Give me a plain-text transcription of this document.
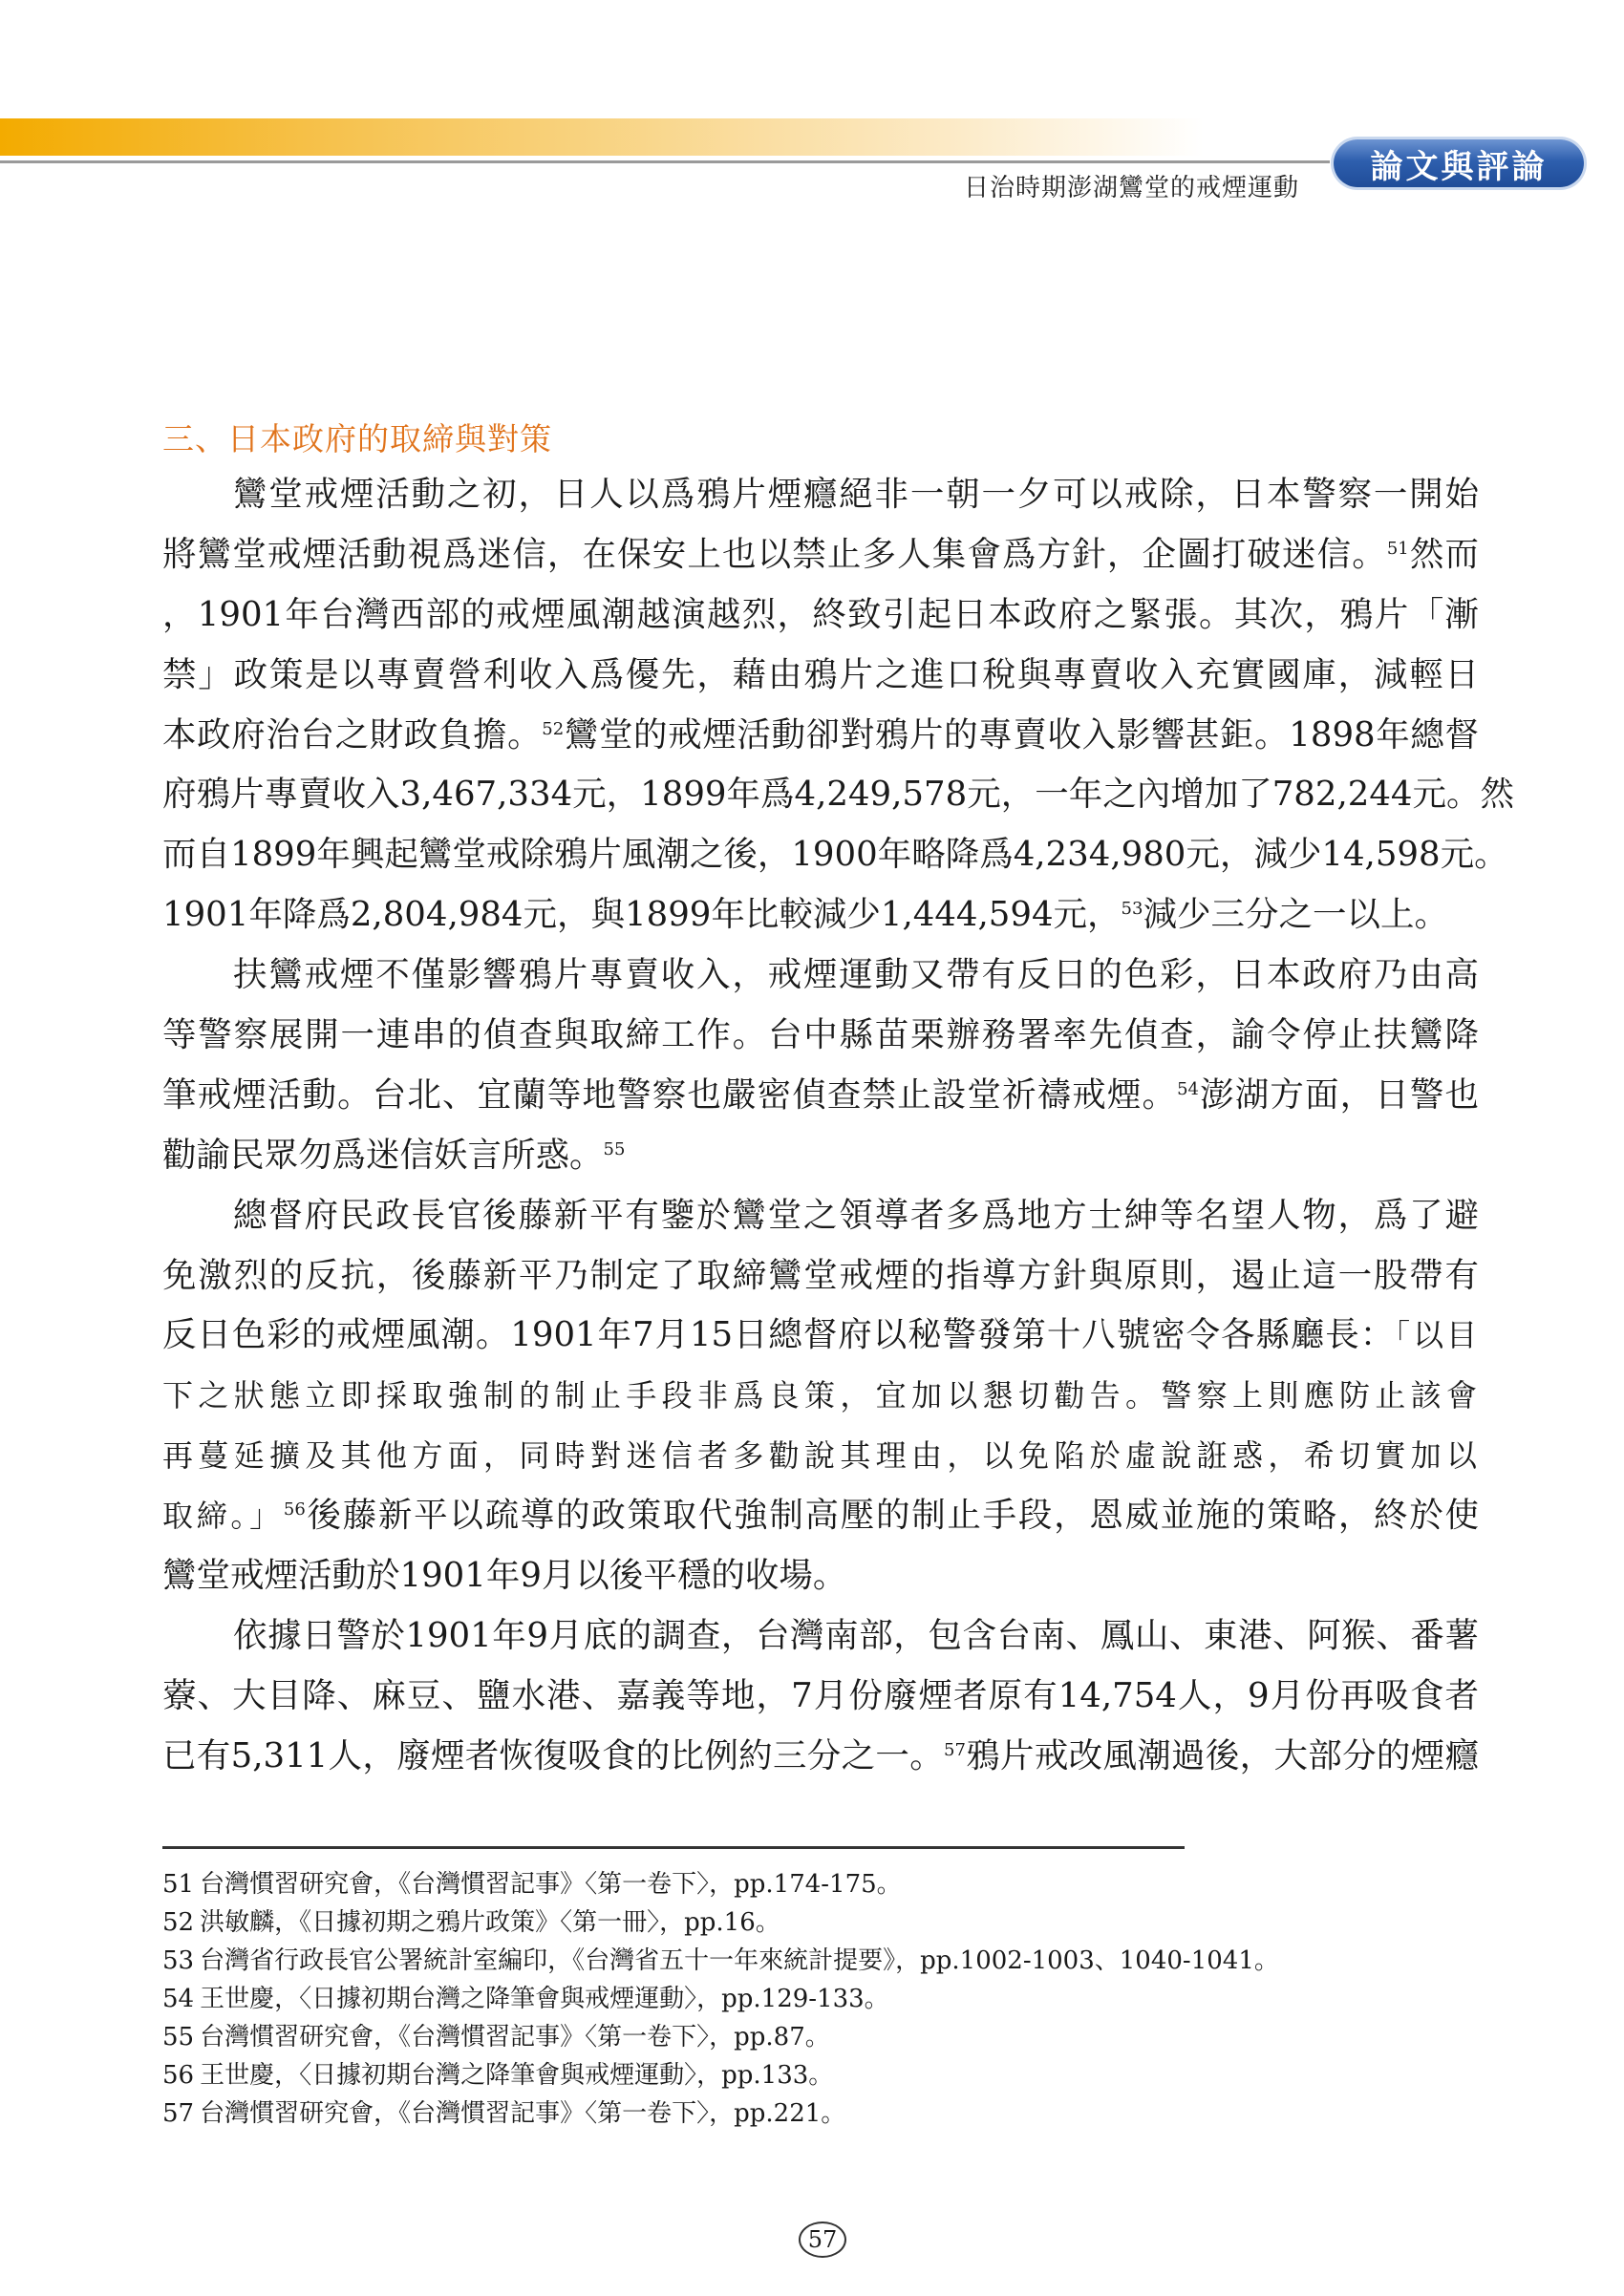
日治時期澎湖鸞堂的戒煙運動
論文與評論
三、日本政府的取締與對策
鸞堂戒煙活動之初，日人以爲鴉片煙癮絕非一朝一夕可以戒除，日本警察一開始
將鸞堂戒煙活動視爲迷信，在保安上也以禁止多人集會爲方針，企圖打破迷信。$^{51}$然而
，1901年台灣西部的戒煙風潮越演越烈，終致引起日本政府之緊張。其次，鴉片「漸
禁」政策是以專賣營利收入爲優先，藉由鴉片之進口稅與專賣收入充實國庫，減輕日
本政府治台之財政負擔。$^{52}$鸞堂的戒煙活動卻對鴉片的專賣收入影響甚鉅。1898年總督
府鴉片專賣收入3,467,334元，1899年爲4,249,578元，一年之內增加了782,244元。然
而自1899年興起鸞堂戒除鴉片風潮之後，1900年略降爲4,234,980元，減少14,598元。
1901年降爲2,804,984元，與1899年比較減少1,444,594元，$^{53}$減少三分之一以上。
扶鸞戒煙不僅影響鴉片專賣收入，戒煙運動又帶有反日的色彩，日本政府乃由高
等警察展開一連串的偵查與取締工作。台中縣苗栗辦務署率先偵查，諭令停止扶鸞降
筆戒煙活動。台北、宜蘭等地警察也嚴密偵查禁止設堂祈禱戒煙。$^{54}$澎湖方面，日警也
勸諭民眾勿爲迷信妖言所惑。$^{55}$
總督府民政長官後藤新平有鑒於鸞堂之領導者多爲地方士紳等名望人物，爲了避
免激烈的反抗，後藤新平乃制定了取締鸞堂戒煙的指導方針與原則，遏止這一股帶有
反日色彩的戒煙風潮。1901年7月15日總督府以秘警發第十八號密令各縣廳長：「以目
下之狀態立即採取強制的制止手段非爲良策，宜加以懇切勸告。警察上則應防止該會
再蔓延擴及其他方面，同時對迷信者多勸說其理由，以免陷於虛說誑惑，希切實加以
取締。」$^{56}$後藤新平以疏導的政策取代強制高壓的制止手段，恩威並施的策略，終於使
鸞堂戒煙活動於1901年9月以後平穩的收場。
依據日警於1901年9月底的調查，台灣南部，包含台南、鳳山、東港、阿猴、番薯
藔、大目降、麻豆、鹽水港、嘉義等地，7月份廢煙者原有14,754人，9月份再吸食者
已有5,311人，廢煙者恢復吸食的比例約三分之一。$^{57}$鴉片戒改風潮過後，大部分的煙癮
51 台灣慣習研究會，《台灣慣習記事》〈第一卷下〉，pp.174-175。
52 洪敏麟，《日據初期之鴉片政策》〈第一冊〉，pp.16。
53 台灣省行政長官公署統計室編印，《台灣省五十一年來統計提要》，pp.1002-1003、1040-1041。
54 王世慶，〈日據初期台灣之降筆會與戒煙運動〉，pp.129-133。
55 台灣慣習研究會，《台灣慣習記事》〈第一卷下〉，pp.87。
56 王世慶，〈日據初期台灣之降筆會與戒煙運動〉，pp.133。
57 台灣慣習研究會，《台灣慣習記事》〈第一卷下〉，pp.221。
57
